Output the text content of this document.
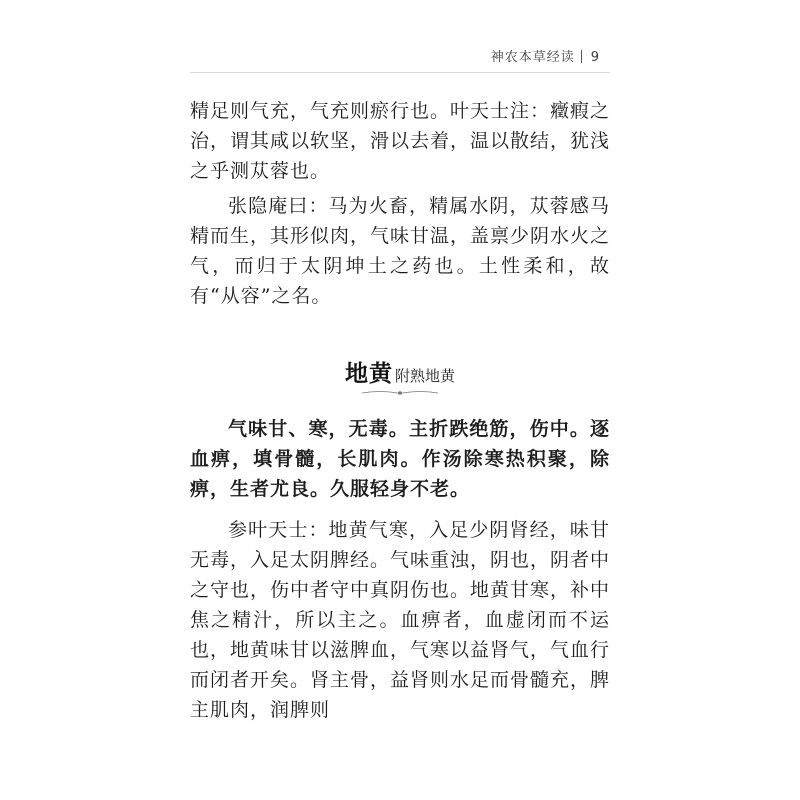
神农本草经读 9

精足则气充，气充则瘀行也。叶天士注：癥瘕之治，谓其咸以软坚，滑以去着，温以散结，犹浅之乎测苁蓉也。

张隐庵曰：马为火畜，精属水阴，苁蓉感马精而生，其形似肉，气味甘温，盖禀少阴水火之气，而归于太阴坤土之药也。土性柔和，故有“从容”之名。

地黄 附熟地黄

气味甘、寒，无毒。主折跌绝筋，伤中。逐血痹，填骨髓，长肌肉。作汤除寒热积聚，除痹，生者尤良。久服轻身不老。

参叶天士：地黄气寒，入足少阴肾经，味甘无毒，入足太阴脾经。气味重浊，阴也，阴者中之守也，伤中者守中真阴伤也。地黄甘寒，补中焦之精汁，所以主之。血痹者，血虚闭而不运也，地黄味甘以滋脾血，气寒以益肾气，气血行而闭者开矣。肾主骨，益肾则水足而骨髓充，脾主肌肉，润脾则
